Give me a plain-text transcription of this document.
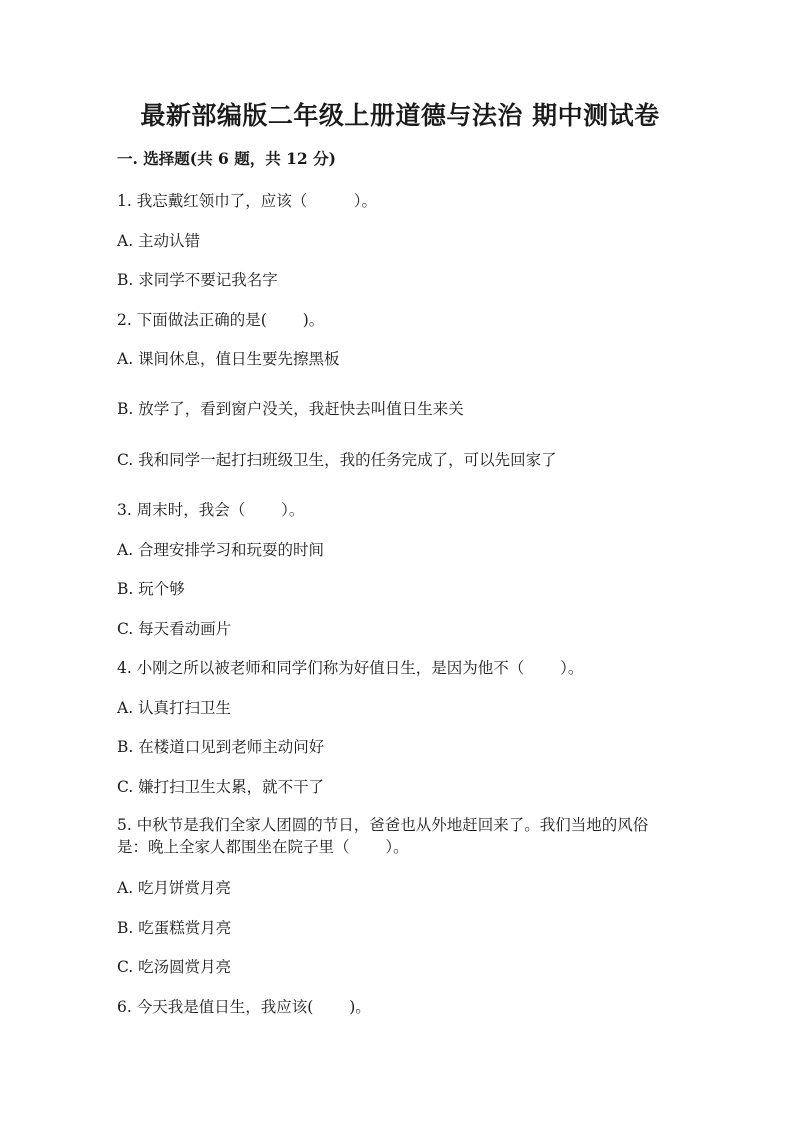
最新部编版二年级上册道德与法治 期中测试卷
一. 选择题(共 6 题，共 12 分)
1. 我忘戴红领巾了，应该（　　　）。
A. 主动认错
B. 求同学不要记我名字
2. 下面做法正确的是(　　 )。
A. 课间休息，值日生要先擦黑板
B. 放学了，看到窗户没关，我赶快去叫值日生来关
C. 我和同学一起打扫班级卫生，我的任务完成了，可以先回家了
3. 周末时，我会（　　 ）。
A. 合理安排学习和玩耍的时间
B. 玩个够
C. 每天看动画片
4. 小刚之所以被老师和同学们称为好值日生，是因为他不（　　 ）。
A. 认真打扫卫生
B. 在楼道口见到老师主动问好
C. 嫌打扫卫生太累，就不干了
5. 中秋节是我们全家人团圆的节日，爸爸也从外地赶回来了。我们当地的风俗
是：晚上全家人都围坐在院子里（　　 ）。
A. 吃月饼赏月亮
B. 吃蛋糕赏月亮
C. 吃汤圆赏月亮
6. 今天我是值日生，我应该(　　 )。
